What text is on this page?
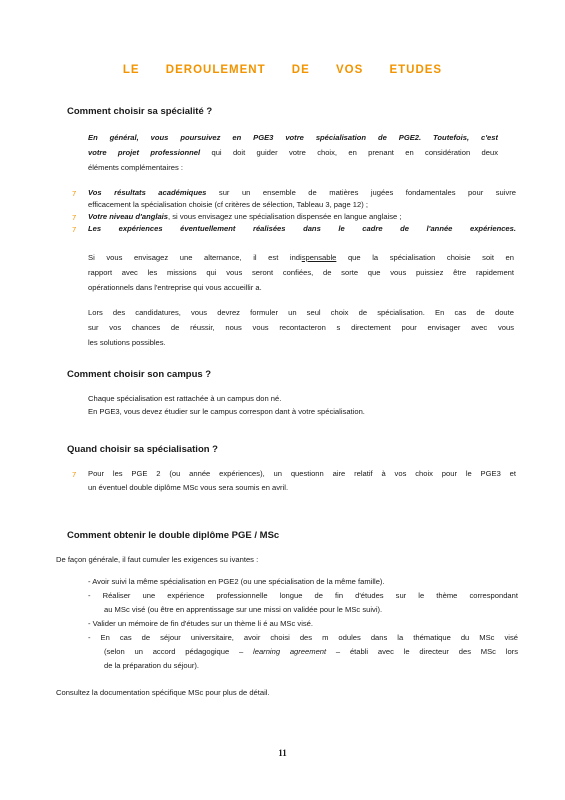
LE DEROULEMENT DE VOS ETUDES
Comment choisir sa spécialité ?
En général, vous poursuivez en PGE3 votre spécialisation de PGE2. Toutefois, c'est
votre projet professionnel qui doit guider votre choix, en prenant en considération deux
éléments complémentaires :
7
7
7
Vos résultats académiques sur un ensemble de matières jugées fondamentales pour suivre
efficacement la spécialisation choisie (cf critères de sélection, Tableau 3, page 12) ;
Votre niveau d'anglais, si vous envisagez une spécialisation dispensée en langue anglaise ;
Les expériences éventuellement réalisées dans le cadre de l'année expériences.
Si vous envisagez une alternance, il est indispensable que la spécialisation choisie soit en
rapport avec les missions qui vous seront confiées, de sorte que vous puissiez être rapidement
opérationnels dans l'entreprise qui vous accueillir a.
Lors des candidatures, vous devrez formuler un seul choix de spécialisation. En cas de doute
sur vos chances de réussir, nous vous recontacteron s directement pour envisager avec vous
les solutions possibles.
Comment choisir son campus ?
Chaque spécialisation est rattachée à un campus don né.
En PGE3, vous devez étudier sur le campus correspon dant à votre spécialisation.
Quand choisir sa spécialisation ?
7 Pour les PGE 2 (ou année expériences), un questionn aire relatif à vos choix pour le PGE3 et
un éventuel double diplôme MSc vous sera soumis en avril.
Comment obtenir le double diplôme PGE / MSc
De façon générale, il faut cumuler les exigences su ivantes :
- Avoir suivi la même spécialisation en PGE2 (ou une spécialisation de la même famille).
- Réaliser une expérience professionnelle longue de fin d'études sur le thème correspondant
au MSc visé (ou être en apprentissage sur une missi on validée pour le MSc suivi).
- Valider un mémoire de fin d'études sur un thème li é au MSc visé.
- En cas de séjour universitaire, avoir choisi des m odules dans la thématique du MSc visé
(selon un accord pédagogique – learning agreement – établi avec le directeur des MSc lors
de la préparation du séjour).
Consultez la documentation spécifique MSc pour plus de détail.
11
